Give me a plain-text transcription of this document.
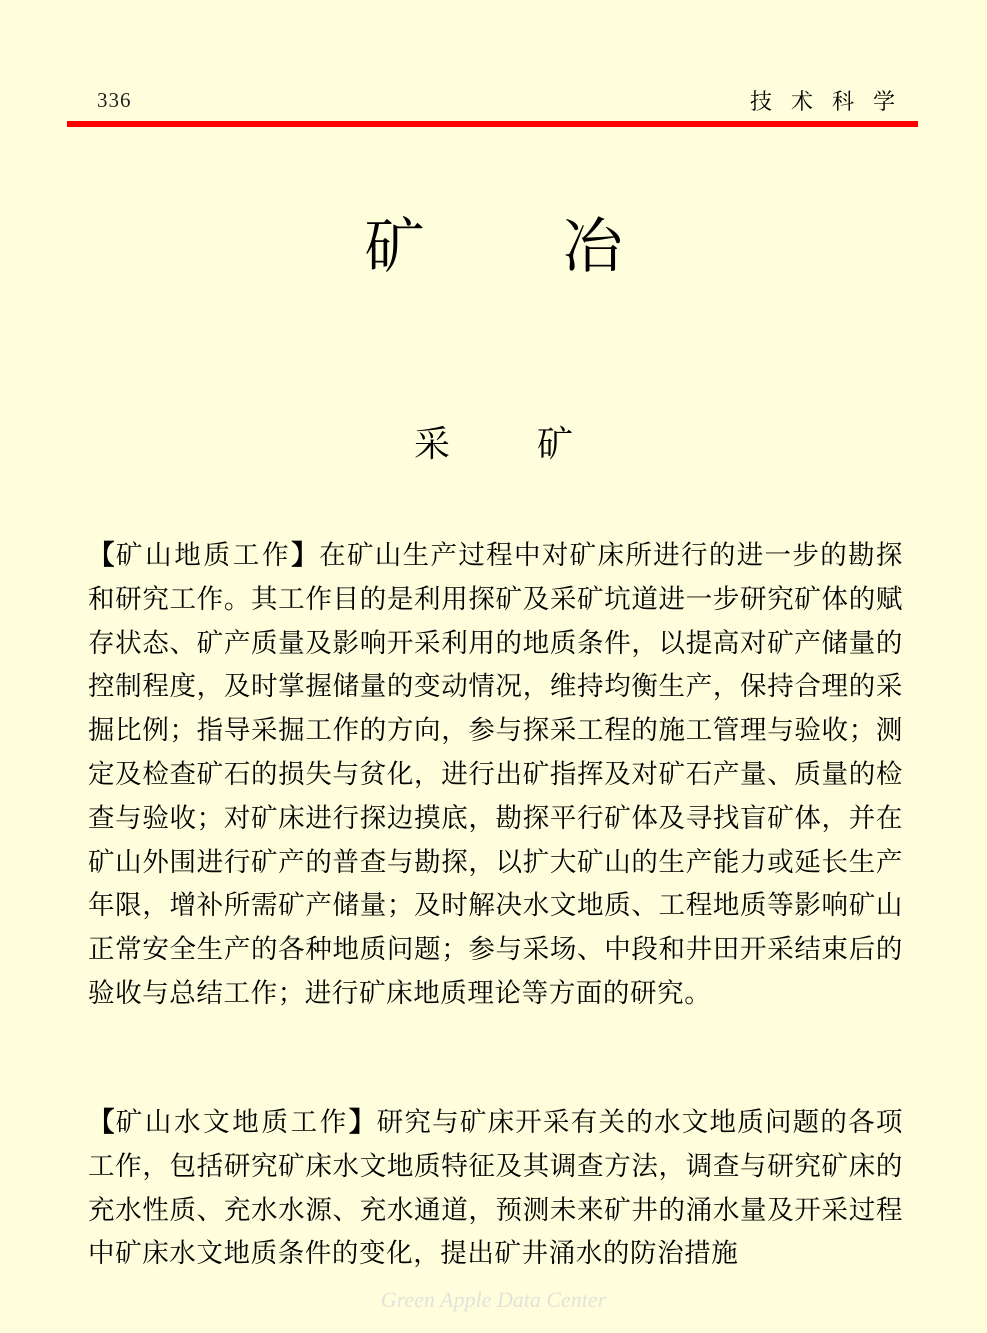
336	技术科学
矿 冶
采 矿
【矿山地质工作】在矿山生产过程中对矿床所进行的进一步的勘探和研究工作。其工作目的是利用探矿及采矿坑道进一步研究矿体的赋存状态、矿产质量及影响开采利用的地质条件，以提高对矿产储量的控制程度，及时掌握储量的变动情况，维持均衡生产，保持合理的采掘比例；指导采掘工作的方向，参与探采工程的施工管理与验收；测定及检查矿石的损失与贫化，进行出矿指挥及对矿石产量、质量的检查与验收；对矿床进行探边摸底，勘探平行矿体及寻找盲矿体，并在矿山外围进行矿产的普查与勘探，以扩大矿山的生产能力或延长生产年限，增补所需矿产储量；及时解决水文地质、工程地质等影响矿山正常安全生产的各种地质问题；参与采场、中段和井田开采结束后的验收与总结工作；进行矿床地质理论等方面的研究。
【矿山水文地质工作】研究与矿床开采有关的水文地质问题的各项工作，包括研究矿床水文地质特征及其调查方法，调查与研究矿床的充水性质、充水水源、充水通道，预测未来矿井的涌水量及开采过程中矿床水文地质条件的变化，提出矿井涌水的防治措施
Green Apple Data Center
